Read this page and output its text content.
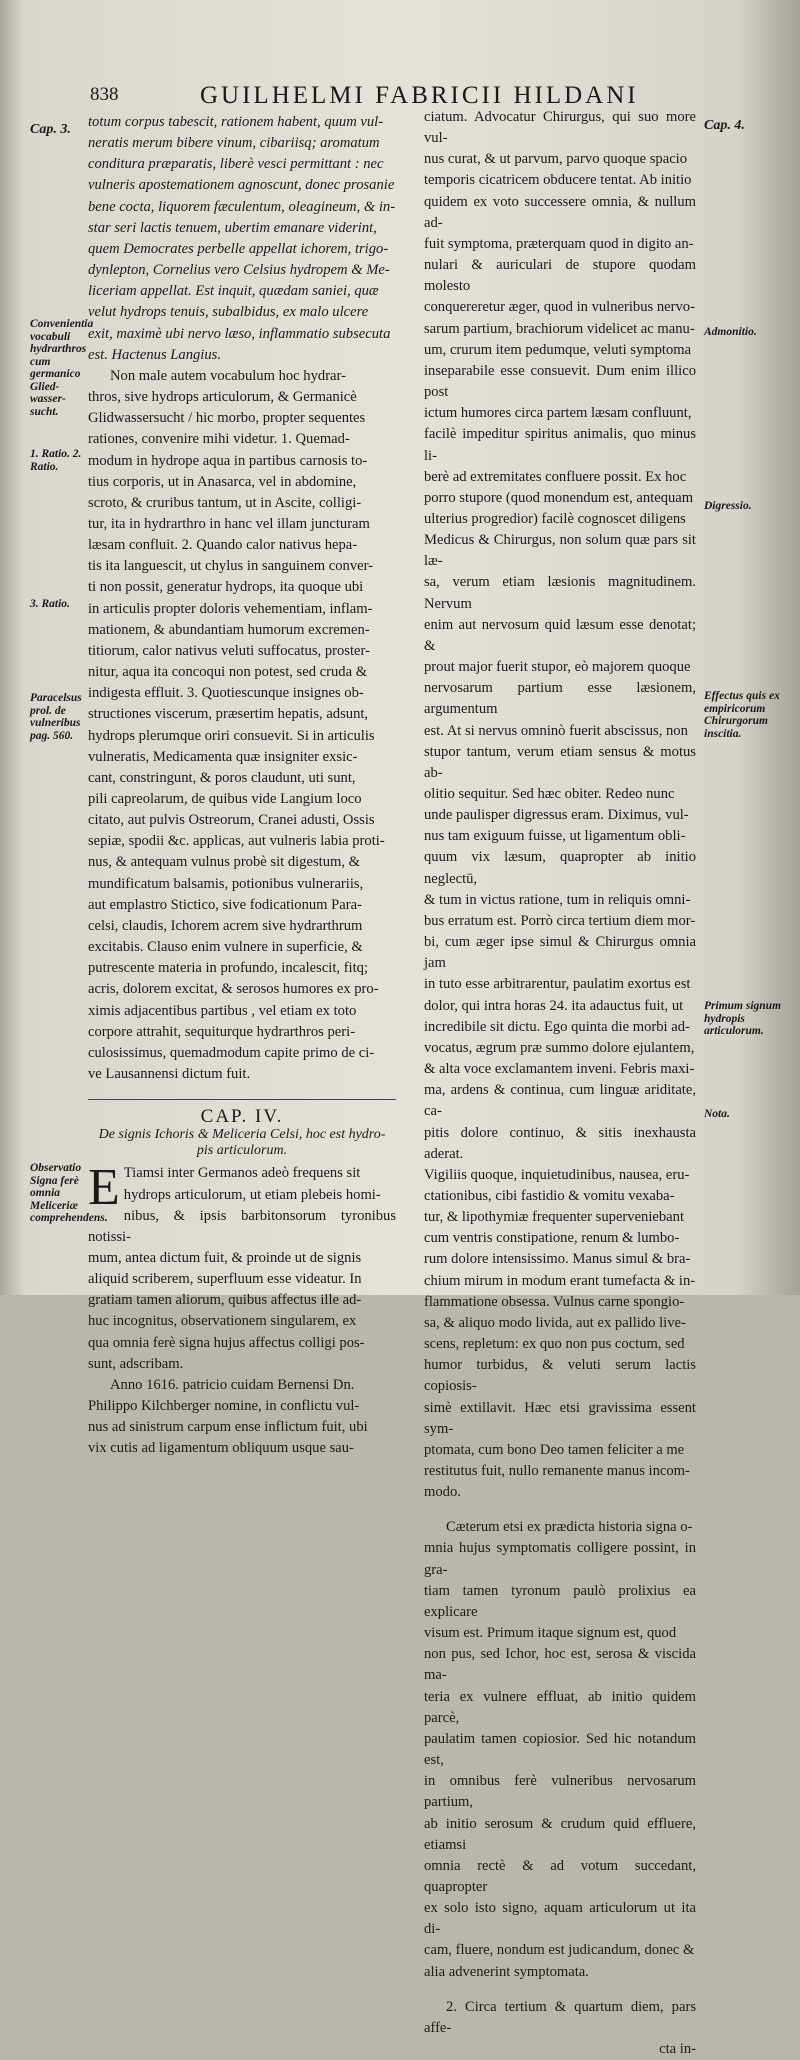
838	GUILHELMI FABRICII HILDANI
totum corpus tabescit, rationem habent, quum vul-
neratis merum bibere vinum, cibariisq; aromatum
conditura præparatis, liberè vesci permittant : nec
vulneris apostemationem agnoscunt, donec prosanie
bene cocta, liquorem fæculentum, oleagineum, & in-
star seri lactis tenuem, ubertim emanare viderint,
quem Democrates perbelle appellat ichorem, trigo-
dynlepton, Cornelius vero Celsius hydropem & Me-
liceriam appellat. Est inquit, quædam saniei, quæ
velut hydrops tenuis, subalbidus, ex malo ulcere
exit, maximè ubi nervo læso, inflammatio subsecuta
est. Hactenus Langius.
Non male autem vocabulum hoc hydrar-
thros, sive hydrops articulorum, & Germanicè
Glidwassersucht / hic morbo, propter sequentes
rationes, convenire mihi videtur. 1. Quemad-
modum in hydrope aqua in partibus carnosis to-
tius corporis, ut in Anasarca, vel in abdomine,
scroto, & cruribus tantum, ut in Ascite, colligi-
tur, ita in hydrarthro in hanc vel illam juncturam
læsam confluit. 2. Quando calor nativus hepa-
tis ita languescit, ut chylus in sanguinem conver-
ti non possit, generatur hydrops, ita quoque ubi
in articulis propter doloris vehementiam, inflam-
mationem, & abundantiam humorum excremen-
titiorum, calor nativus veluti suffocatus, proster-
nitur, aqua ita concoqui non potest, sed cruda &
indigesta effluit. 3. Quotiescunque insignes ob-
structiones viscerum, præsertim hepatis, adsunt,
hydrops plerumque oriri consuevit. Si in articulis
vulneratis, Medicamenta quæ insigniter exsic-
cant, constringunt, & poros claudunt, uti sunt,
pili capreolarum, de quibus vide Langium loco
citato, aut pulvis Ostreorum, Cranei adusti, Ossis
sepiæ, spodii &c. applicas, aut vulneris labia proti-
nus, & antequam vulnus probè sit digestum, &
mundificatum balsamis, potionibus vulnerariis,
aut emplastro Stictico, sive fodicationum Para-
celsi, claudis, Ichorem acrem sive hydrarthrum
excitabis. Clauso enim vulnere in superficie, &
putrescente materia in profundo, incalescit, fitq;
acris, dolorem excitat, & serosos humores ex pro-
ximis adjacentibus partibus , vel etiam ex toto
corpore attrahit, sequiturque hydrarthros peri-
culosissimus, quemadmodum capite primo de ci-
ve Lausannensi dictum fuit.
CAP. IV.
De signis Ichoris & Meliceria Celsi, hoc est hydro-
pis articulorum.
E Tiamsi inter Germanos adeò frequens sit
hydrops articulorum, ut etiam plebeis homi-
nibus, & ipsis barbitonsorum tyronibus notissi-
mum, antea dictum fuit, & proinde ut de signis
aliquid scriberem, superfluum esse videatur. In
gratiam tamen aliorum, quibus affectus ille ad-
huc incognitus, observationem singularem, ex
qua omnia ferè signa hujus affectus colligi pos-
sunt, adscribam.
Anno 1616. patricio cuidam Bernensi Dn.
Philippo Kilchberger nomine, in conflictu vul-
nus ad sinistrum carpum ense inflictum fuit, ubi
vix cutis ad ligamentum obliquum usque sau-
ciatum. Advocatur Chirurgus, qui suo more vul-
nus curat, & ut parvum, parvo quoque spacio
temporis cicatricem obducere tentat. Ab initio
quidem ex voto successere omnia, & nullum ad-
fuit symptoma, præterquam quod in digito an-
nulari & auriculari de stupore quodam molesto
conquereretur æger, quod in vulneribus nervo-
sarum partium, brachiorum videlicet ac manu-
um, crurum item pedumque, veluti symptoma
inseparabile esse consuevit. Dum enim illico post
ictum humores circa partem læsam confluunt,
facilè impeditur spiritus animalis, quo minus li-
berè ad extremitates confluere possit. Ex hoc
porro stupore (quod monendum est, antequam
ulterius progredior) facilè cognoscet diligens
Medicus & Chirurgus, non solum quæ pars sit læ-
sa, verum etiam læsionis magnitudinem. Nervum
enim aut nervosum quid læsum esse denotat; &
prout major fuerit stupor, eò majorem quoque
nervosarum partium esse læsionem, argumentum
est. At si nervus omninò fuerit abscissus, non
stupor tantum, verum etiam sensus & motus ab-
olitio sequitur. Sed hæc obiter. Redeo nunc
unde paulisper digressus eram. Diximus, vul-
nus tam exiguum fuisse, ut ligamentum obli-
quum vix læsum, quapropter ab initio neglectū,
& tum in victus ratione, tum in reliquis omni-
bus erratum est. Porrò circa tertium diem mor-
bi, cum æger ipse simul & Chirurgus omnia jam
in tuto esse arbitrarentur, paulatim exortus est
dolor, qui intra horas 24. ita adauctus fuit, ut
incredibile sit dictu. Ego quinta die morbi ad-
vocatus, ægrum præ summo dolore ejulantem,
& alta voce exclamantem inveni. Febris maxi-
ma, ardens & continua, cum linguæ ariditate, ca-
pitis dolore continuo, & sitis inexhausta aderat.
Vigiliis quoque, inquietudinibus, nausea, eru-
ctationibus, cibi fastidio & vomitu vexaba-
tur, & lipothymiæ frequenter superveniebant
cum ventris constipatione, renum & lumbo-
rum dolore intensissimo. Manus simul & bra-
chium mirum in modum erant tumefacta & in-
flammatione obsessa. Vulnus carne spongio-
sa, & aliquo modo livida, aut ex pallido live-
scens, repletum: ex quo non pus coctum, sed
humor turbidus, & veluti serum lactis copiosis-
simè extillavit. Hæc etsi gravissima essent sym-
ptomata, cum bono Deo tamen feliciter a me
restitutus fuit, nullo remanente manus incom-
modo.
Cæterum etsi ex prædicta historia signa o-
mnia hujus symptomatis colligere possint, in gra-
tiam tamen tyronum paulò prolixius ea explicare
visum est. Primum itaque signum est, quod
non pus, sed Ichor, hoc est, serosa & viscida ma-
teria ex vulnere effluat, ab initio quidem parcè,
paulatim tamen copiosior. Sed hic notandum est,
in omnibus ferè vulneribus nervosarum partium,
ab initio serosum & crudum quid effluere, etiamsi
omnia rectè & ad votum succedant, quapropter
ex solo isto signo, aquam articulorum ut ita di-
cam, fluere, nondum est judicandum, donec &
alia advenerint symptomata.
2. Circa tertium & quartum diem, pars affe-
cta in-
Cap. 3.
Convenientia vocabuli hydrarthros cum germanico Glied-wasser-sucht.
1. Ratio. 2. Ratio.
3. Ratio.
Paracelsus prol. de vulneribus pag. 560.
Observatio Signa ferè omnia Meliceriæ comprehendens.
Cap. 4.
Admonitio.
Digressio.
Effectus quis ex empiricorum Chirurgorum inscitia.
Primum signum hydropis articulorum.
Nota.
